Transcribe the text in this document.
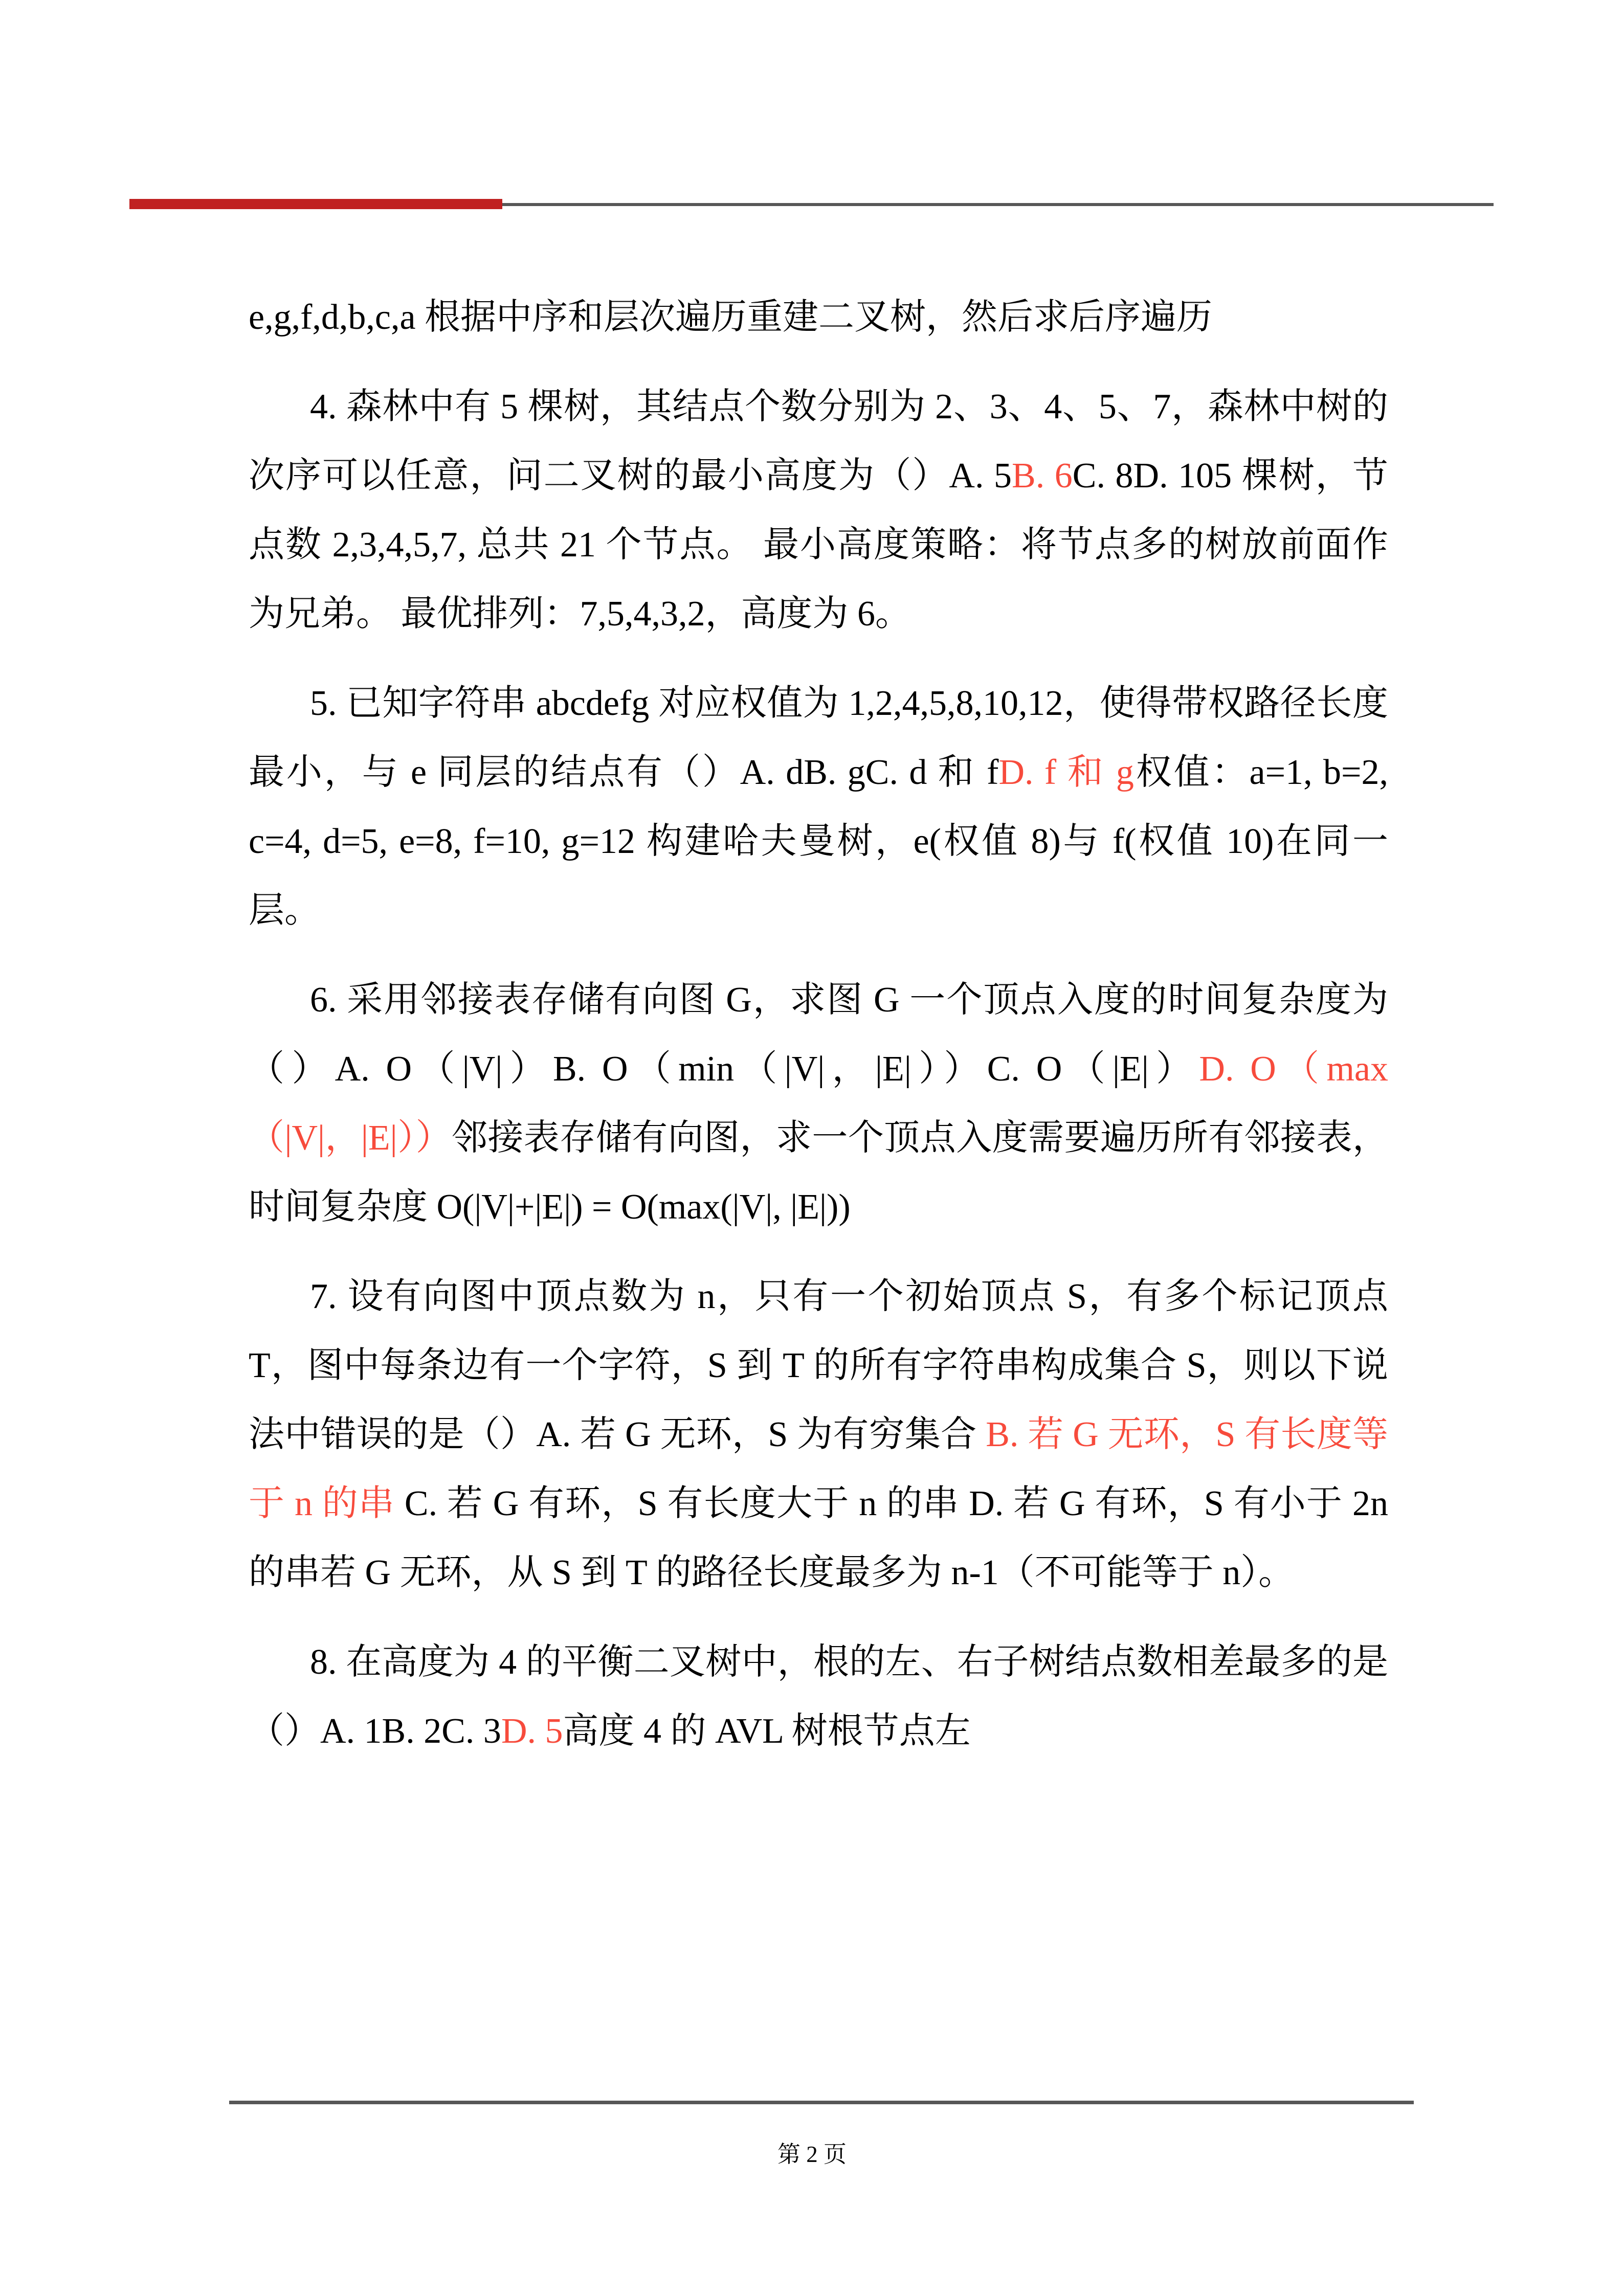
e,g,f,d,b,c,a 根据中序和层次遍历重建二叉树，然后求后序遍历

4. 森林中有 5 棵树，其结点个数分别为 2、3、4、5、7，森林中树的次序可以任意，问二叉树的最小高度为（）A. 5B. 6C. 8D. 105 棵树，节点数 2,3,4,5,7, 总共 21 个节点。 最小高度策略：将节点多的树放前面作为兄弟。 最优排列：7,5,4,3,2，高度为 6。

5. 已知字符串 abcdefg 对应权值为 1,2,4,5,8,10,12，使得带权路径长度最小，与 e 同层的结点有（）A. dB. gC. d 和 fD. f 和 g权值：a=1, b=2, c=4, d=5, e=8, f=10, g=12 构建哈夫曼树，e(权值 8)与 f(权值 10)在同一层。

6. 采用邻接表存储有向图 G，求图 G 一个顶点入度的时间复杂度为（）A. O（|V|）B. O（min（|V|，|E|））C. O（|E|）D. O（max（|V|，|E|））邻接表存储有向图，求一个顶点入度需要遍历所有邻接表，时间复杂度 O(|V|+|E|) = O(max(|V|, |E|))

7. 设有向图中顶点数为 n，只有一个初始顶点 S，有多个标记顶点 T，图中每条边有一个字符，S 到 T 的所有字符串构成集合 S，则以下说法中错误的是（）A. 若 G 无环，S 为有穷集合 B. 若 G 无环，S 有长度等于 n 的串 C. 若 G 有环，S 有长度大于 n 的串 D. 若 G 有环，S 有小于 2n 的串若 G 无环，从 S 到 T 的路径长度最多为 n-1（不可能等于 n）。

8. 在高度为 4 的平衡二叉树中，根的左、右子树结点数相差最多的是（）A. 1B. 2C. 3D. 5高度 4 的 AVL 树根节点左

第 2 页
